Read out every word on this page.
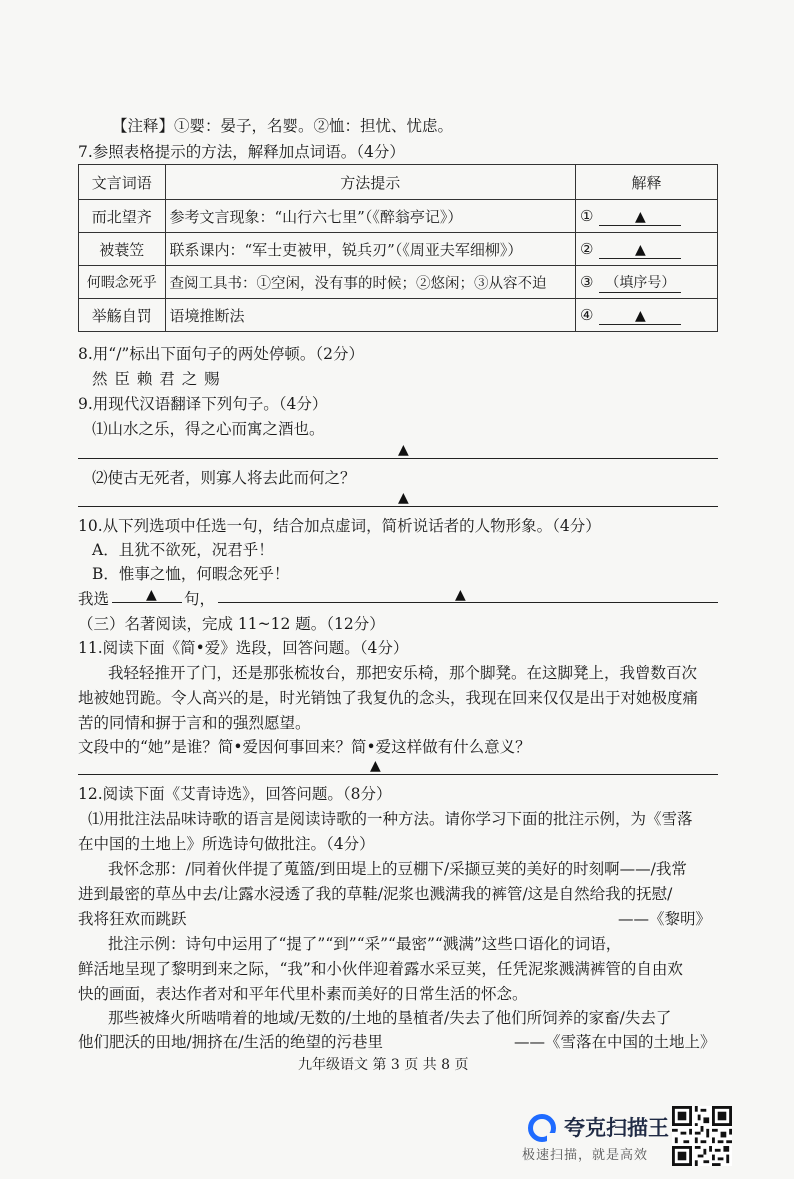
【注释】①婴：晏子，名婴。②恤：担忧、忧虑。
7.参照表格提示的方法，解释加点词语。（4分）
文言词语	方法提示	解释
而北望齐	参考文言现象：“山行六七里”（《醉翁亭记》）	① ▲
被蓑笠	联系课内：“军士吏被甲，锐兵刃”（《周亚夫军细柳》）	② ▲
何暇念死乎	查阅工具书：①空闲，没有事的时候；②悠闲；③从容不迫	③ （填序号）
举觞自罚	语境推断法	④ ▲
8.用“/”标出下面句子的两处停顿。（2分）
然 臣 赖 君 之 赐
9.用现代汉语翻译下列句子。（4分）
⑴山水之乐，得之心而寓之酒也。
▲
⑵使古无死者，则寡人将去此而何之？
▲
10.从下列选项中任选一句，结合加点虚词，简析说话者的人物形象。（4分）
A．且犹不欲死，况君乎！
B．惟事之恤，何暇念死乎！
我选	▲ 句，	▲
（三）名著阅读，完成 11~12 题。（12分）
11.阅读下面《简•爱》选段，回答问题。（4分）
我轻轻推开了门，还是那张梳妆台，那把安乐椅，那个脚凳。在这脚凳上，我曾数百次
地被她罚跪。令人高兴的是，时光销蚀了我复仇的念头，我现在回来仅仅是出于对她极度痛
苦的同情和摒于言和的强烈愿望。
文段中的“她”是谁？简•爱因何事回来？简•爱这样做有什么意义？
▲
12.阅读下面《艾青诗选》，回答问题。（8分）
⑴用批注法品味诗歌的语言是阅读诗歌的一种方法。请你学习下面的批注示例，为《雪落
在中国的土地上》所选诗句做批注。（4分）
我怀念那：/同着伙伴提了蒐篮/到田堤上的豆棚下/采撷豆荚的美好的时刻啊——/我常
进到最密的草丛中去/让露水浸透了我的草鞋/泥浆也溅满我的裤管/这是自然给我的抚慰/
我将狂欢而跳跃	——《黎明》
批注示例：诗句中运用了“提了”“到”“采”“最密”“溅满”这些口语化的词语，
鲜活地呈现了黎明到来之际，“我”和小伙伴迎着露水采豆荚，任凭泥浆溅满裤管的自由欢
快的画面，表达作者对和平年代里朴素而美好的日常生活的怀念。
那些被烽火所啮啃着的地域/无数的/土地的垦植者/失去了他们所饲养的家畜/失去了
他们肥沃的田地/拥挤在/生活的绝望的污巷里	——《雪落在中国的土地上》
九年级语文 第 3 页 共 8 页
夸克扫描王
极速扫描，就是高效
